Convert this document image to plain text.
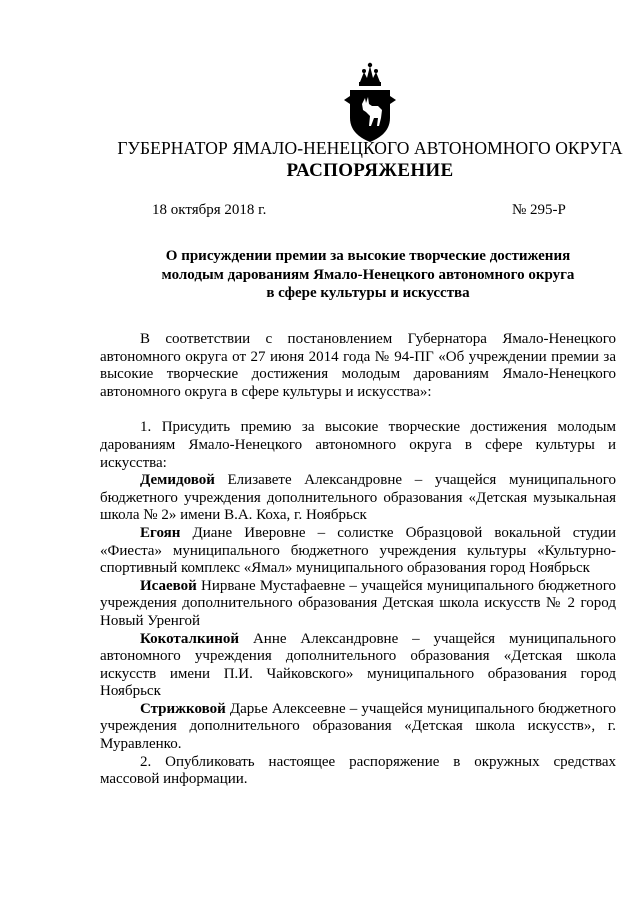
ГУБЕРНАТОР ЯМАЛО-НЕНЕЦКОГО АВТОНОМНОГО ОКРУГА
РАСПОРЯЖЕНИЕ
18 октября 2018 г.	№ 295-Р
О присуждении премии за высокие творческие достижения
молодым дарованиям Ямало-Ненецкого автономного округа
в сфере культуры и искусства

В соответствии с постановлением Губернатора Ямало-Ненецкого автономного округа от 27 июня 2014 года № 94-ПГ «Об учреждении премии за высокие творческие достижения молодым дарованиям Ямало-Ненецкого автономного округа в сфере культуры и искусства»:

1. Присудить премию за высокие творческие достижения молодым дарованиям Ямало-Ненецкого автономного округа в сфере культуры и искусства:

Демидовой Елизавете Александровне – учащейся муниципального бюджетного учреждения дополнительного образования «Детская музыкальная школа № 2» имени В.А. Коха, г. Ноябрьск

Егоян Диане Иверовне – солистке Образцовой вокальной студии «Фиеста» муниципального бюджетного учреждения культуры «Культурно-спортивный комплекс «Ямал» муниципального образования город Ноябрьск

Исаевой Нирване Мустафаевне – учащейся муниципального бюджетного учреждения дополнительного образования Детская школа искусств № 2 город Новый Уренгой

Кокоталкиной Анне Александровне – учащейся муниципального автономного учреждения дополнительного образования «Детская школа искусств имени П.И. Чайковского» муниципального образования город Ноябрьск

Стрижковой Дарье Алексеевне – учащейся муниципального бюджетного учреждения дополнительного образования «Детская школа искусств», г. Муравленко.

2. Опубликовать настоящее распоряжение в окружных средствах массовой информации.
